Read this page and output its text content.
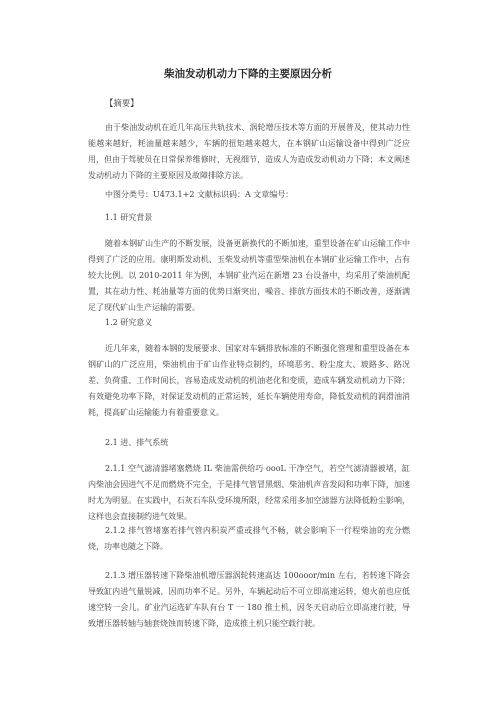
柴油发动机动力下降的主要原因分析
【摘要】

由于柴油发动机在近几年高压共轨技术、涡轮增压技术等方面的开展普及，使其动力性能越来越好，耗油量越来越少，车辆的扭矩越来越大，在本钢矿山运输设备中得到广泛应用，但由于驾驶员在日常保养维修时，无视细节，造成人为造成发动机动力下降；本文阐述发动机动力下降的主要原因及故障排除方法。

中图分类号：U473.1+2 文献标识码：A 文章编号：

1.1 研究背景

随着本钢矿山生产的不断发展，设备更新换代的不断加速，重型设备在矿山运输工作中得到了广泛的应用。康明斯发动机、玉柴发动机等重型柴油机在本钢矿业运输工作中，占有较大比例。以 2010-2011 年为例，本钢矿业汽运在新增 23 台设备中，均采用了柴油机配置，其在动力性、耗油量等方面的优势日渐突出，噪音、排放方面技术的不断改善，逐渐满足了现代矿山生产运输的需要。

1.2 研究意义

近几年来，随着本钢的发展要求、国家对车辆排放标准的不断强化管理和重型设备在本钢矿山的广泛应用，柴油机由于矿山作业特点制约，环境恶劣、粉尘度大、坡路多、路况差、负荷重、工作时间长，容易造成发动机的机油老化和变质，造成车辆发动机动力下降；有效避免功率下降，对保证发动机的正常运转，延长车辆使用寿命，降低发动机的润滑油消耗，提高矿山运输能力有着重要意义。

2.1 进、排气系统

2.1.1 空气滤清器堵塞燃烧 IL 柴油需供给巧 oooL 干净空气，若空气滤清器被堵，缸内柴油会因进气不足而燃烧不完全，于是排气管冒黑烟、柴油机声音发闷和功率下降，加速时尤为明显。在实践中，石灰石车队受环境所限，经常采用多加空滤器方法降低粉尘影响，这样也会直接制约进气效果。

2.1.2 排气管堵塞若排气管内积炭严重或排气不畅，就会影响下一行程柴油的充分燃烧，功率也随之下降。

2.1.3 增压器转速下降柴油机增压器涡轮转速高达 100ooor/min 左右，若转速下降会导致缸内进气量锐减，因而功率不足。另外，车辆起动后不可立即高速运转，熄火前也应低速空转一会儿。矿业汽运选矿车队有台 T 一 180 推土机，因冬天启动后立即高速行驶，导致增压器转轴与轴套烧蚀而转速下降，造成推土机只能空载行驶。
